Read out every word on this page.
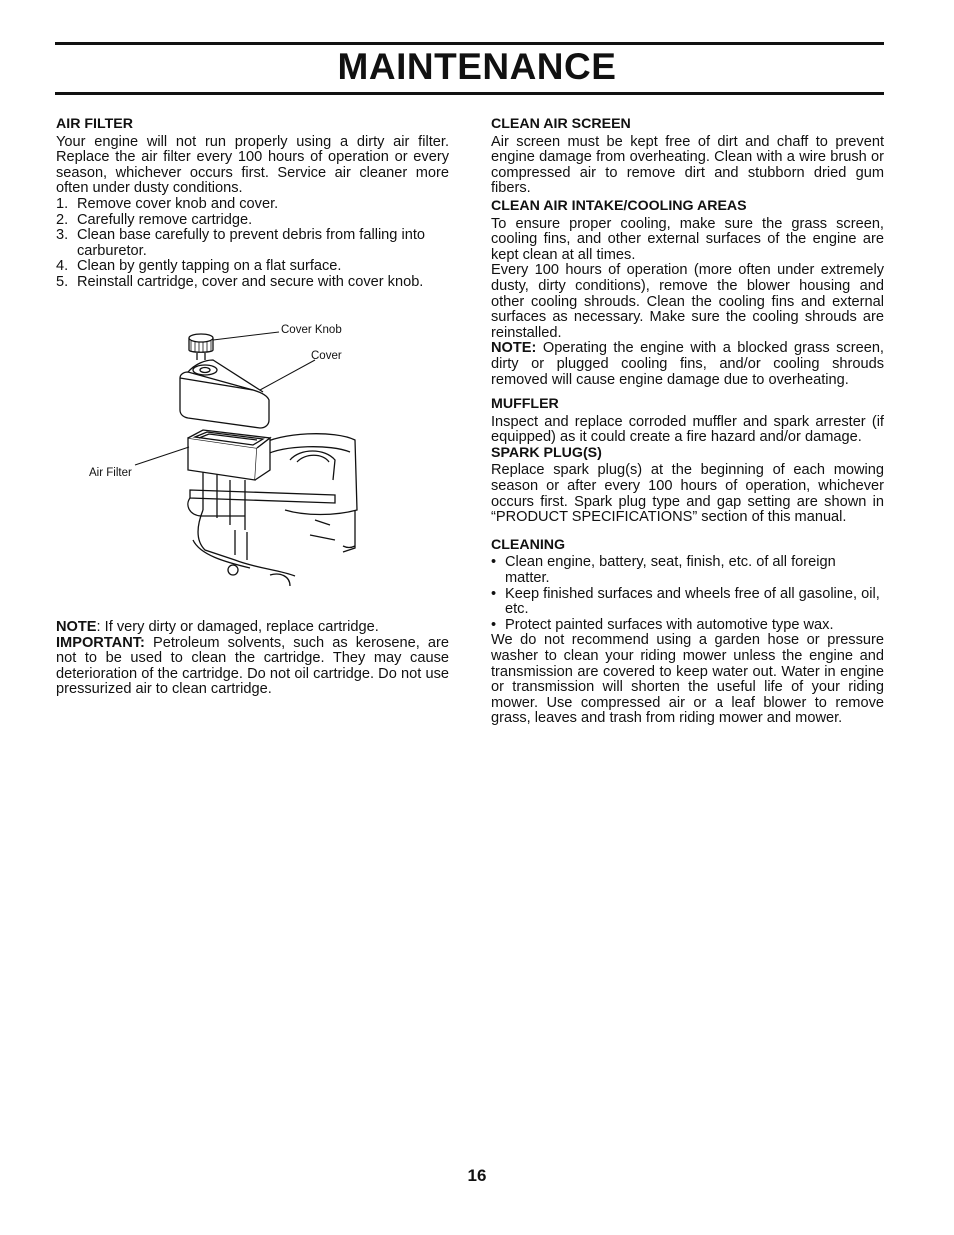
MAINTENANCE
AIR FILTER

Your engine will not run properly using a dirty air filter. Replace the air filter every 100 hours of operation or every season, whichever occurs first. Service air cleaner more often under dusty conditions.

1. Remove cover knob and cover.
2. Carefully remove cartridge.
3. Clean base carefully to prevent debris from falling into carburetor.
4. Clean by gently tapping on a flat surface.
5. Reinstall cartridge, cover and secure with cover knob.
Cover Knob
Cover
Air Filter

NOTE: If very dirty or damaged, replace cartridge.

IMPORTANT: Petroleum solvents, such as kerosene, are not to be used to clean the cartridge. They may cause deterioration of the cartridge. Do not oil cartridge. Do not use pressurized air to clean cartridge.

CLEAN AIR SCREEN

Air screen must be kept free of dirt and chaff to prevent engine damage from overheating. Clean with a wire brush or compressed air to remove dirt and stubborn dried gum fibers.

CLEAN AIR INTAKE/COOLING AREAS

To ensure proper cooling, make sure the grass screen, cooling fins, and other external surfaces of the engine are kept clean at all times.

Every 100 hours of operation (more often under extremely dusty, dirty conditions), remove the blower housing and other cooling shrouds. Clean the cooling fins and external surfaces as necessary. Make sure the cooling shrouds are reinstalled.

NOTE: Operating the engine with a blocked grass screen, dirty or plugged cooling fins, and/or cooling shrouds removed will cause engine damage due to overheating.

MUFFLER

Inspect and replace corroded muffler and spark arrester (if equipped) as it could create a fire hazard and/or damage.

SPARK PLUG(S)

Replace spark plug(s) at the beginning of each mowing season or after every 100 hours of operation, whichever occurs first. Spark plug type and gap setting are shown in “PRODUCT SPECIFICATIONS” section of this manual.

CLEANING
• Clean engine, battery, seat, finish, etc. of all foreign matter.
• Keep finished surfaces and wheels free of all gasoline, oil, etc.
• Protect painted surfaces with automotive type wax.

We do not recommend using a garden hose or pressure washer to clean your riding mower unless the engine and transmission are covered to keep water out. Water in engine or transmission will shorten the useful life of your riding mower. Use compressed air or a leaf blower to remove grass, leaves and trash from riding mower and mower.

16
